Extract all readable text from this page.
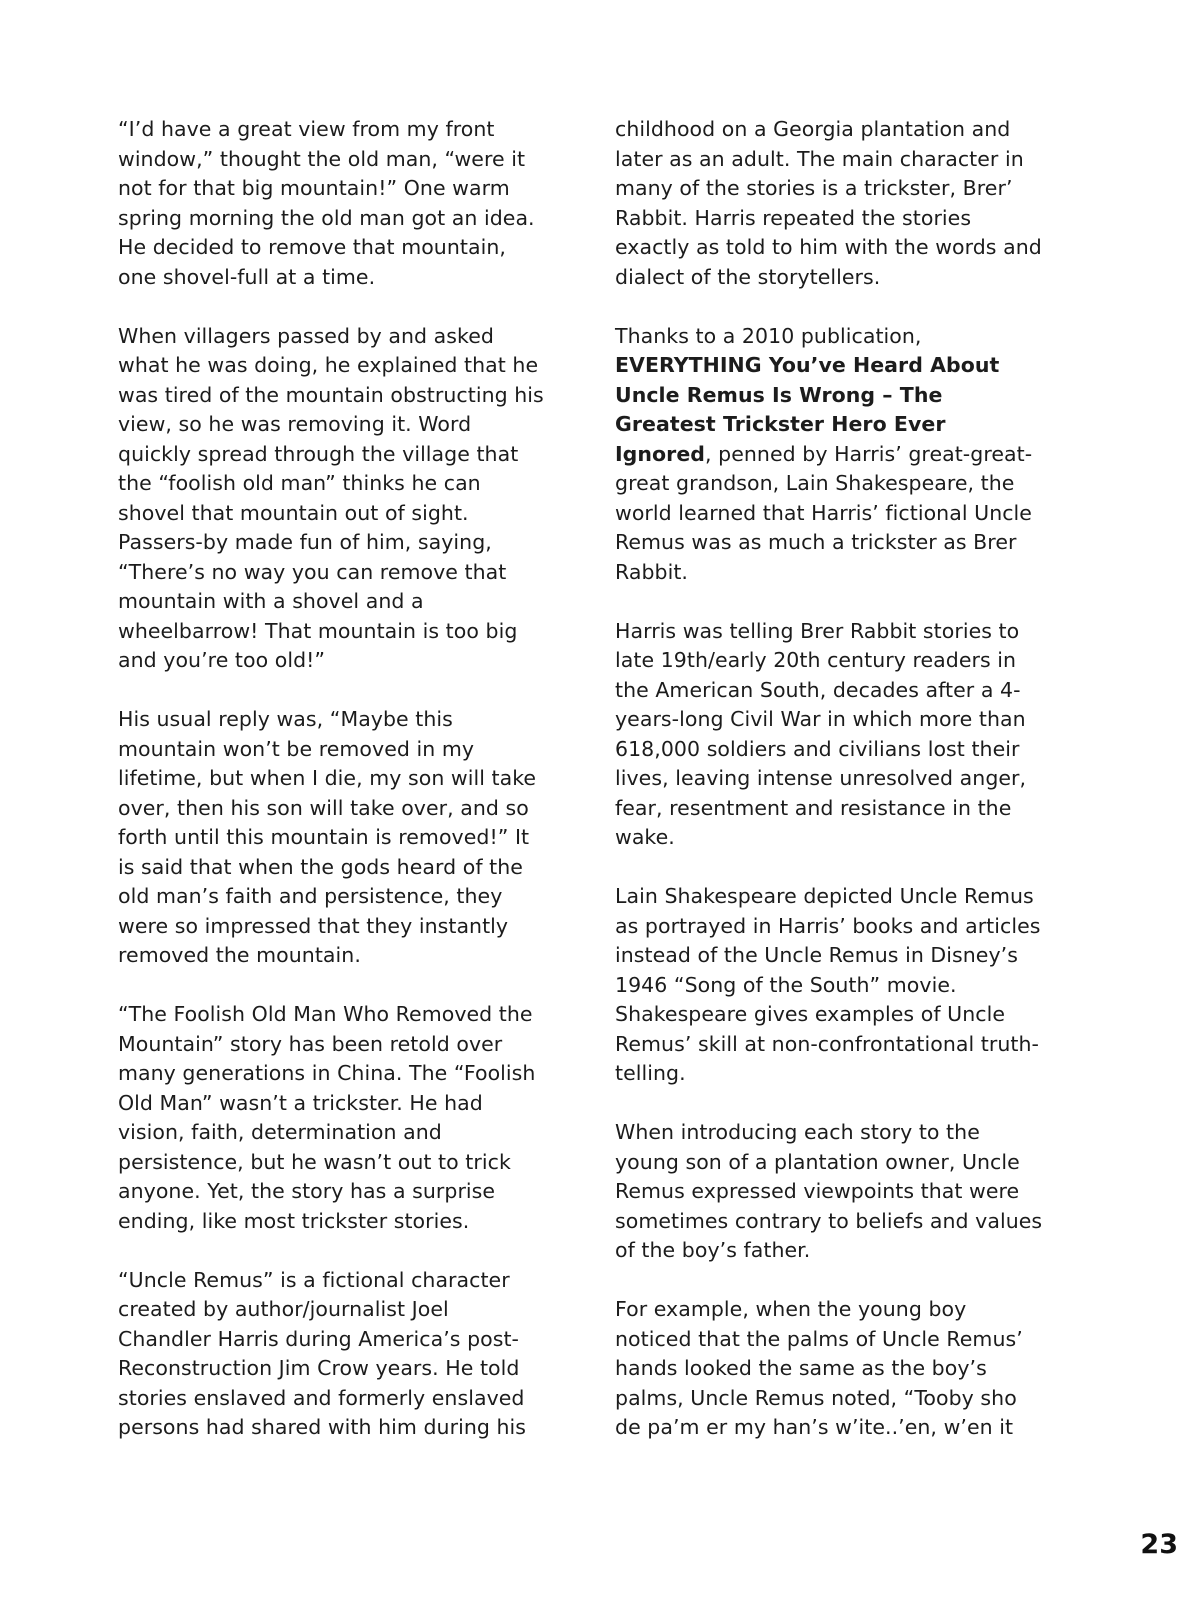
“I’d have a great view from my front
window,” thought the old man, “were it
not for that big mountain!” One warm
spring morning the old man got an idea.
He decided to remove that mountain,
one shovel-full at a time.

When villagers passed by and asked
what he was doing, he explained that he
was tired of the mountain obstructing his
view, so he was removing it. Word
quickly spread through the village that
the “foolish old man” thinks he can
shovel that mountain out of sight.
Passers-by made fun of him, saying,
“There’s no way you can remove that
mountain with a shovel and a
wheelbarrow! That mountain is too big
and you’re too old!”

His usual reply was, “Maybe this
mountain won’t be removed in my
lifetime, but when I die, my son will take
over, then his son will take over, and so
forth until this mountain is removed!” It
is said that when the gods heard of the
old man’s faith and persistence, they
were so impressed that they instantly
removed the mountain.

“The Foolish Old Man Who Removed the
Mountain” story has been retold over
many generations in China. The “Foolish
Old Man” wasn’t a trickster. He had
vision, faith, determination and
persistence, but he wasn’t out to trick
anyone. Yet, the story has a surprise
ending, like most trickster stories.

“Uncle Remus” is a fictional character
created by author/journalist Joel
Chandler Harris during America’s post-
Reconstruction Jim Crow years. He told
stories enslaved and formerly enslaved
persons had shared with him during his

childhood on a Georgia plantation and
later as an adult. The main character in
many of the stories is a trickster, Brer’
Rabbit. Harris repeated the stories
exactly as told to him with the words and
dialect of the storytellers.

Thanks to a 2010 publication,
EVERYTHING You’ve Heard About
Uncle Remus Is Wrong – The
Greatest Trickster Hero Ever
Ignored, penned by Harris’ great-great-
great grandson, Lain Shakespeare, the
world learned that Harris’ fictional Uncle
Remus was as much a trickster as Brer
Rabbit.

Harris was telling Brer Rabbit stories to
late 19th/early 20th century readers in
the American South, decades after a 4-
years-long Civil War in which more than
618,000 soldiers and civilians lost their
lives, leaving intense unresolved anger,
fear, resentment and resistance in the
wake.

Lain Shakespeare depicted Uncle Remus
as portrayed in Harris’ books and articles
instead of the Uncle Remus in Disney’s
1946 “Song of the South” movie.
Shakespeare gives examples of Uncle
Remus’ skill at non-confrontational truth-
telling.

When introducing each story to the
young son of a plantation owner, Uncle
Remus expressed viewpoints that were
sometimes contrary to beliefs and values
of the boy’s father.

For example, when the young boy
noticed that the palms of Uncle Remus’
hands looked the same as the boy’s
palms, Uncle Remus noted, “Tooby sho
de pa’m er my han’s w’ite..’en, w’en it

23
